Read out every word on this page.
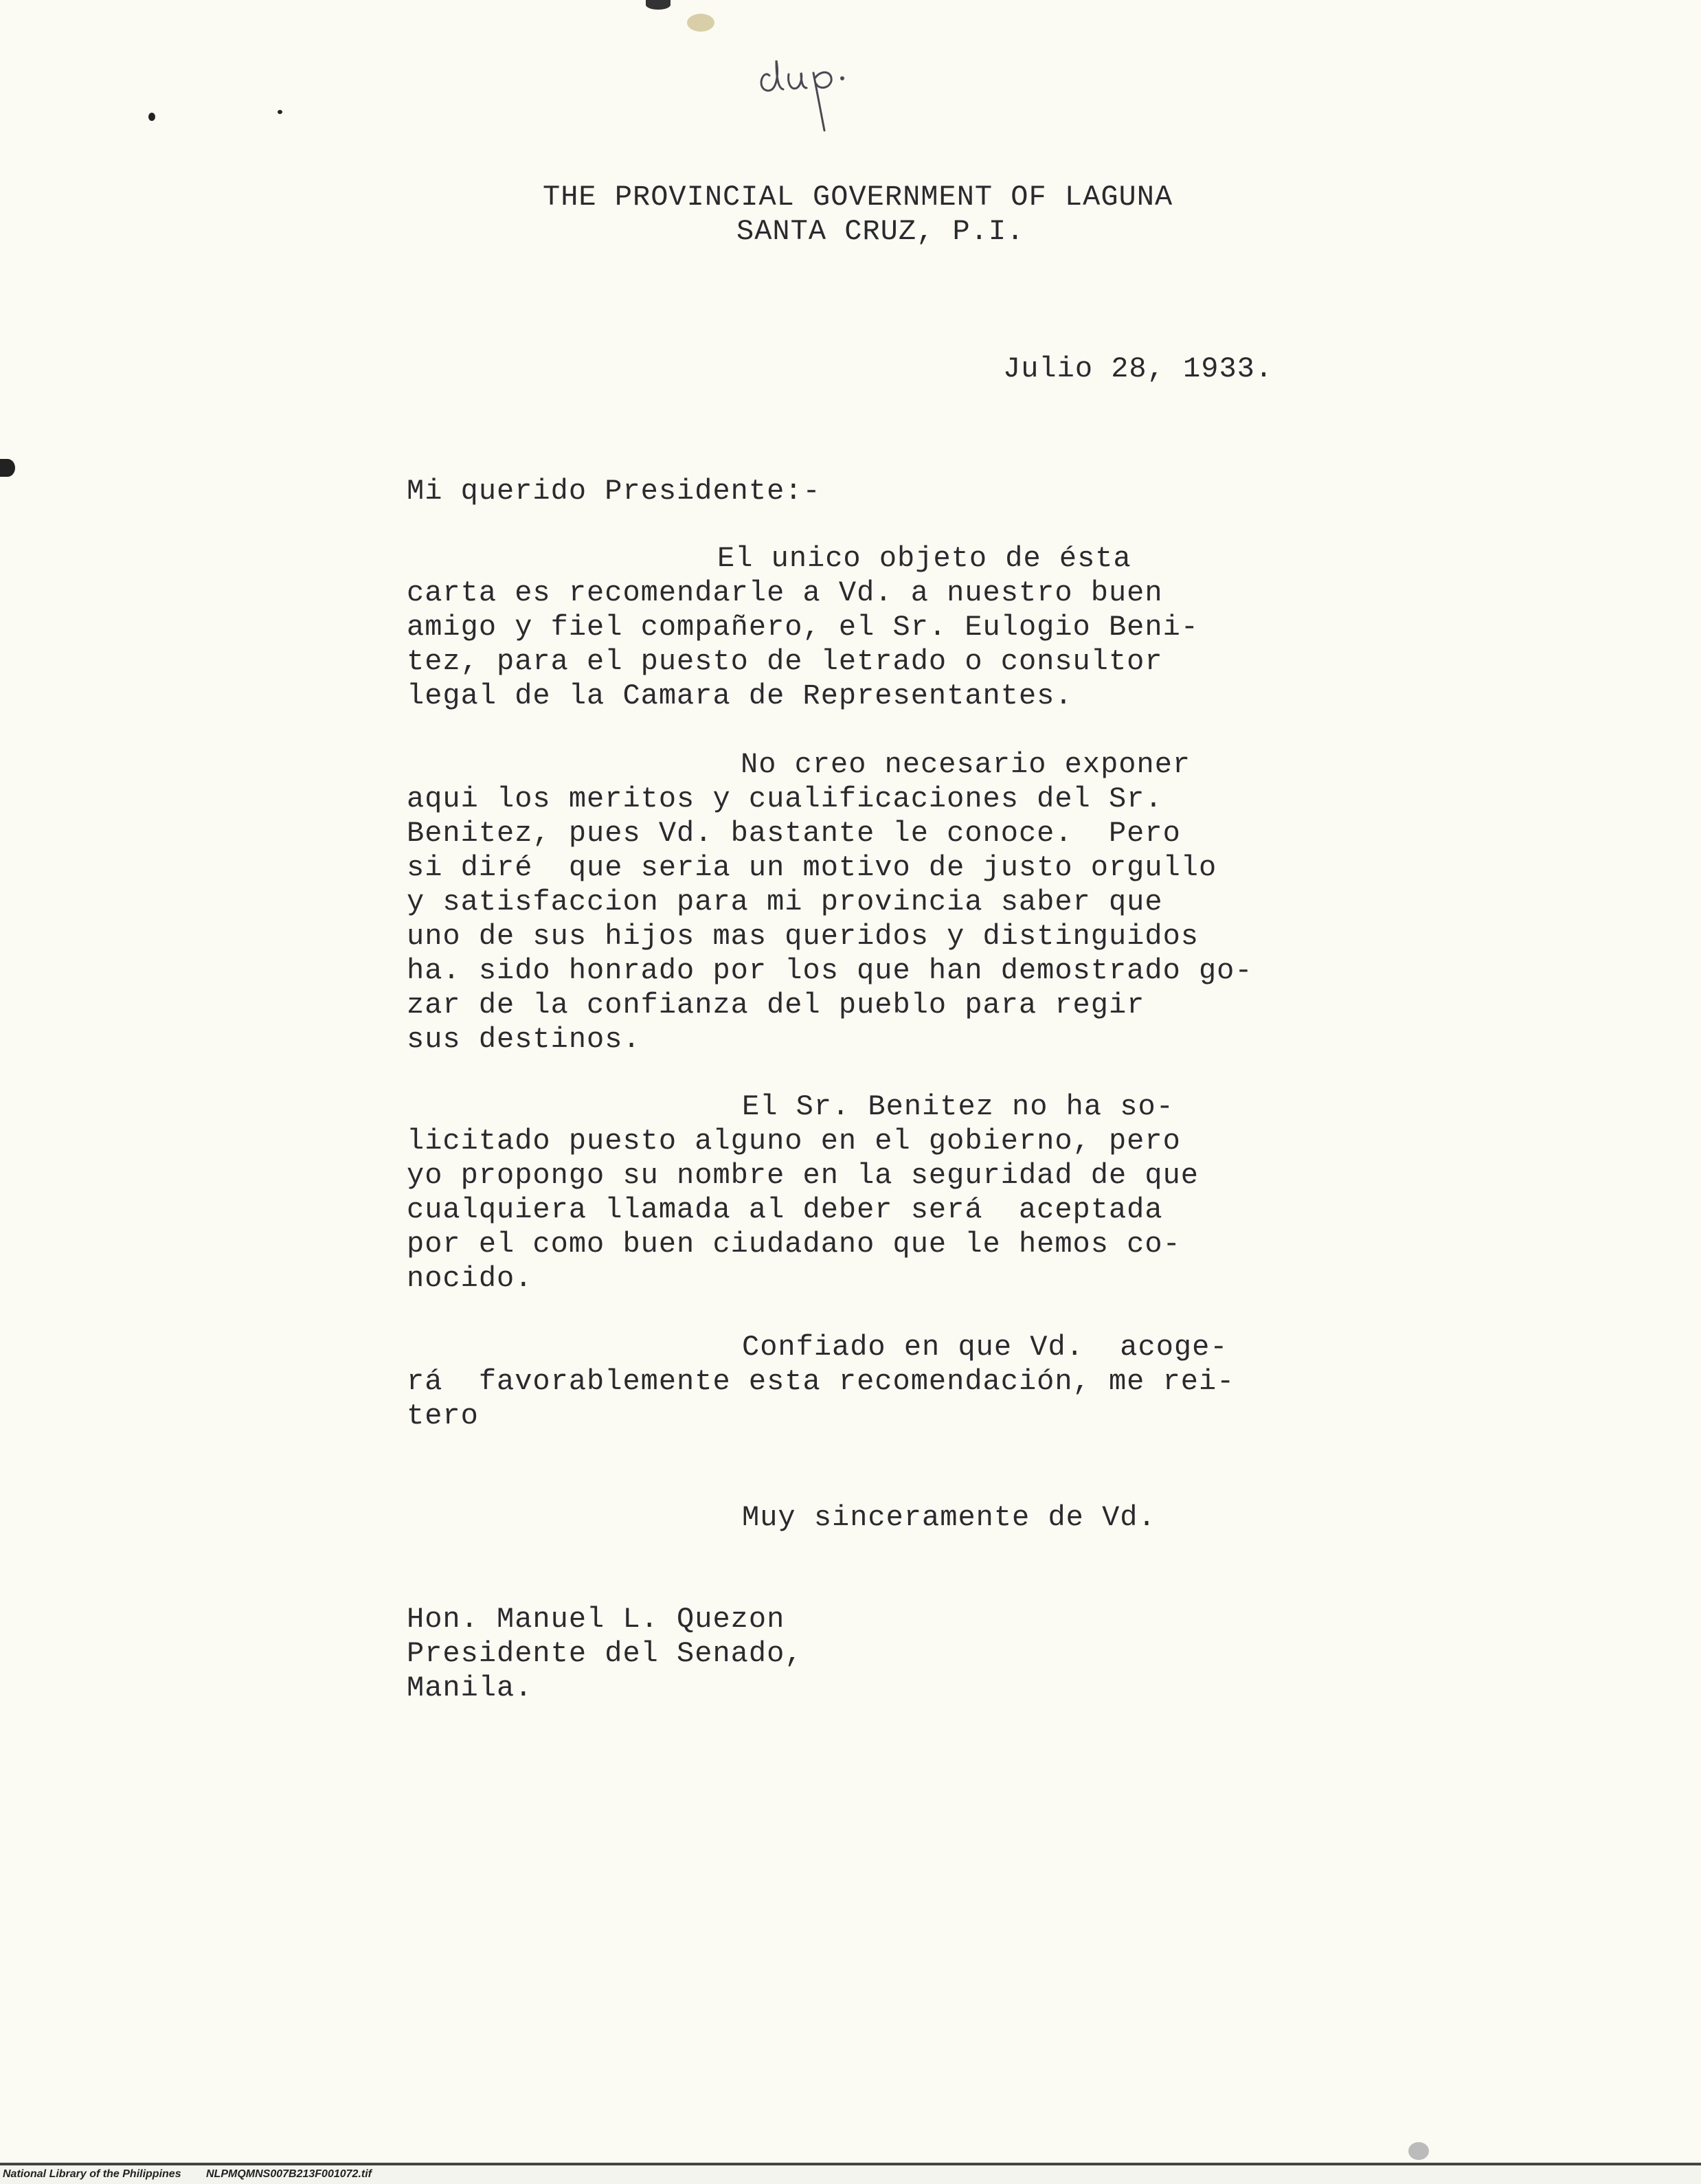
THE PROVINCIAL GOVERNMENT OF LAGUNA
SANTA CRUZ, P.I.
Julio 28, 1933.
Mi querido Presidente:-
El unico objeto de ésta
carta es recomendarle a Vd. a nuestro buen
amigo y fiel compañero, el Sr. Eulogio Beni-
tez, para el puesto de letrado o consultor
legal de la Camara de Representantes.
No creo necesario exponer
aqui los meritos y cualificaciones del Sr.
Benitez, pues Vd. bastante le conoce.  Pero
si diré  que seria un motivo de justo orgullo
y satisfaccion para mi provincia saber que
uno de sus hijos mas queridos y distinguidos
ha. sido honrado por los que han demostrado go-
zar de la confianza del pueblo para regir
sus destinos.
El Sr. Benitez no ha so-
licitado puesto alguno en el gobierno, pero
yo propongo su nombre en la seguridad de que
cualquiera llamada al deber será  aceptada
por el como buen ciudadano que le hemos co-
nocido.
Confiado en que Vd.  acoge-
rá  favorablemente esta recomendación, me rei-
tero
Muy sinceramente de Vd.
Hon. Manuel L. Quezon
Presidente del Senado,
Manila.
National Library of the Philippines NLPMQMNS007B213F001072.tif
